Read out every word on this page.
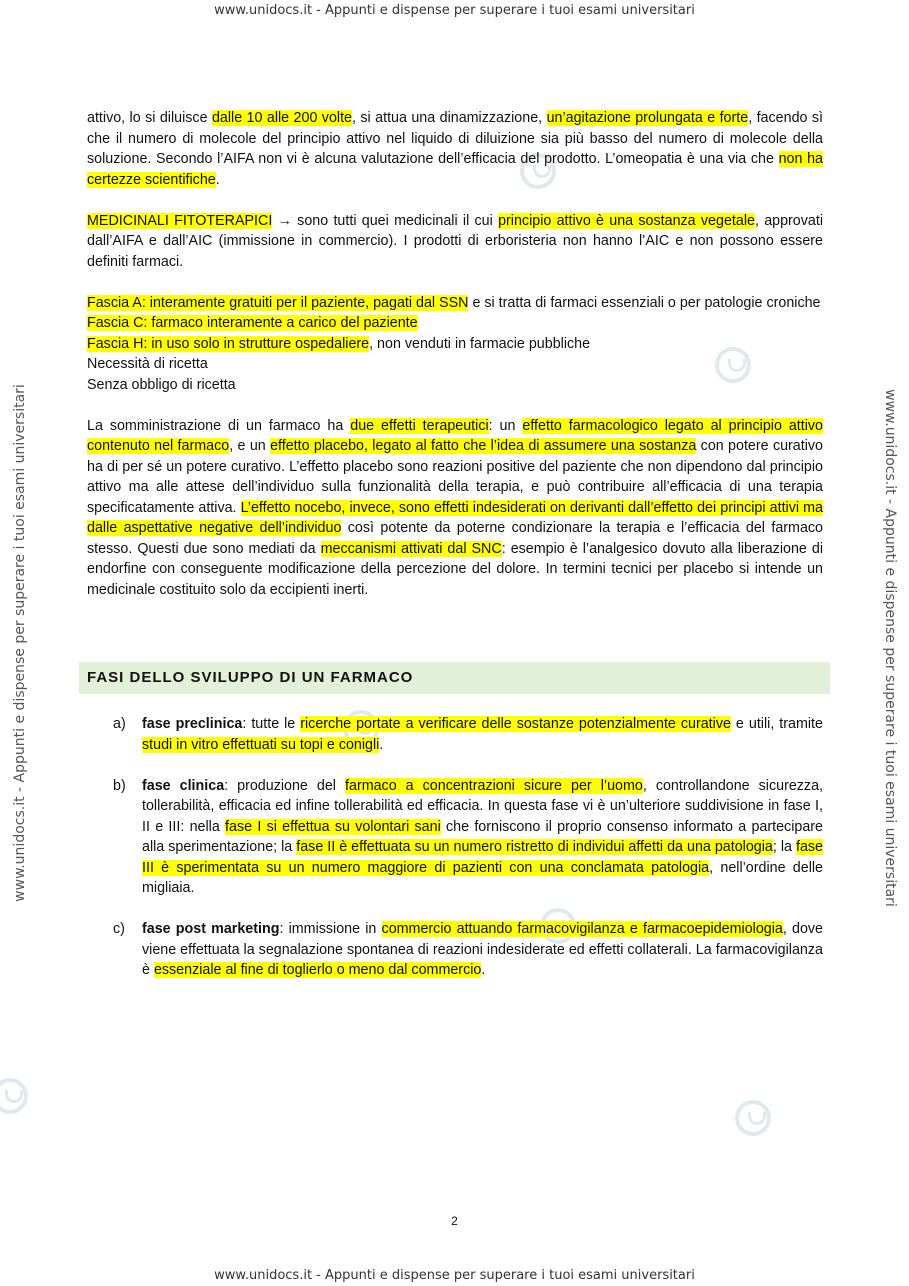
www.unidocs.it - Appunti e dispense per superare i tuoi esami universitari
www.unidocs.it - Appunti e dispense per superare i tuoi esami universitari
www.unidocs.it - Appunti e dispense per superare i tuoi esami universitari	www.unidocs.it - Appunti e dispense per superare i tuoi esami universitari

attivo, lo si diluisce dalle 10 alle 200 volte, si attua una dinamizzazione, un’agitazione prolungata e forte, facendo sì che il numero di molecole del principio attivo nel liquido di diluizione sia più basso del numero di molecole della soluzione. Secondo l’AIFA non vi è alcuna valutazione dell’efficacia del prodotto. L’omeopatia è una via che non ha certezze scientifiche.

MEDICINALI FITOTERAPICI → sono tutti quei medicinali il cui principio attivo è una sostanza vegetale, approvati dall’AIFA e dall’AIC (immissione in commercio). I prodotti di erboristeria non hanno l’AIC e non possono essere definiti farmaci.

Fascia A: interamente gratuiti per il paziente, pagati dal SSN e si tratta di farmaci essenziali o per patologie croniche
Fascia C: farmaco interamente a carico del paziente
Fascia H: in uso solo in strutture ospedaliere, non venduti in farmacie pubbliche
Necessità di ricetta
Senza obbligo di ricetta

La somministrazione di un farmaco ha due effetti terapeutici: un effetto farmacologico legato al principio attivo contenuto nel farmaco, e un effetto placebo, legato al fatto che l’idea di assumere una sostanza con potere curativo ha di per sé un potere curativo. L’effetto placebo sono reazioni positive del paziente che non dipendono dal principio attivo ma alle attese dell’individuo sulla funzionalità della terapia, e può contribuire all’efficacia di una terapia specificatamente attiva. L’effetto nocebo, invece, sono effetti indesiderati on derivanti dall’effetto dei principi attivi ma dalle aspettative negative dell’individuo così potente da poterne condizionare la terapia e l’efficacia del farmaco stesso. Questi due sono mediati da meccanismi attivati dal SNC: esempio è l’analgesico dovuto alla liberazione di endorfine con conseguente modificazione della percezione del dolore. In termini tecnici per placebo si intende un medicinale costituito solo da eccipienti inerti.

FASI DELLO SVILUPPO DI UN FARMACO
a) fase preclinica: tutte le ricerche portate a verificare delle sostanze potenzialmente curative e utili, tramite studi in vitro effettuati su topi e conigli.
b) fase clinica: produzione del farmaco a concentrazioni sicure per l’uomo, controllandone sicurezza, tollerabilità, efficacia ed infine tollerabilità ed efficacia. In questa fase vi è un’ulteriore suddivisione in fase I, II e III: nella fase I si effettua su volontari sani che forniscono il proprio consenso informato a partecipare alla sperimentazione; la fase II è effettuata su un numero ristretto di individui affetti da una patologia; la fase III è sperimentata su un numero maggiore di pazienti con una conclamata patologia, nell’ordine delle migliaia.
c) fase post marketing: immissione in commercio attuando farmacovigilanza e farmacoepidemiologia, dove viene effettuata la segnalazione spontanea di reazioni indesiderate ed effetti collaterali. La farmacovigilanza è essenziale al fine di toglierlo o meno dal commercio.
2
